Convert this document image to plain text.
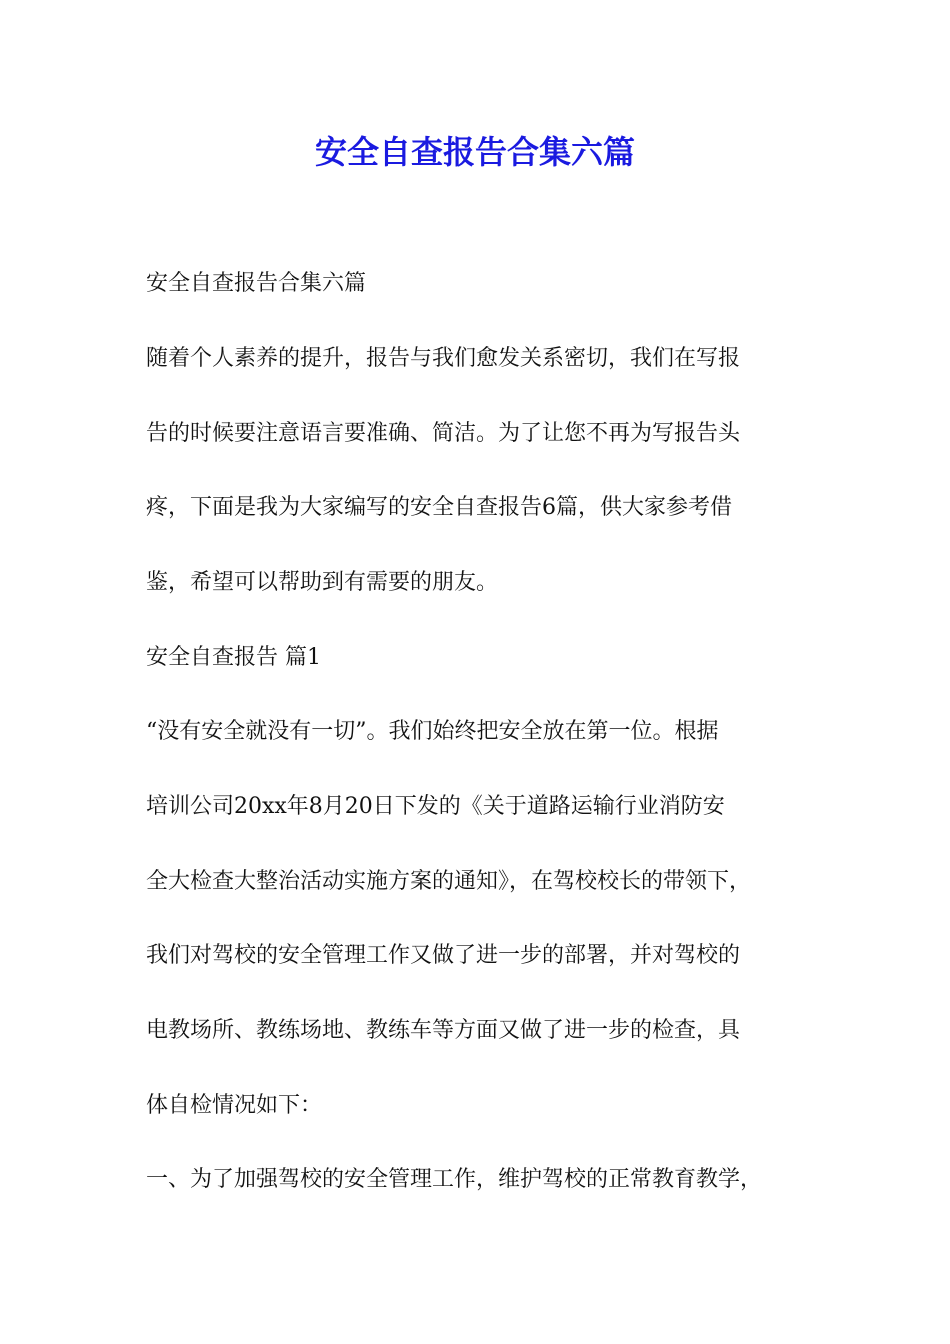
安全自查报告合集六篇

安全自查报告合集六篇

随着个人素养的提升，报告与我们愈发关系密切，我们在写报

告的时候要注意语言要准确、简洁。为了让您不再为写报告头

疼，下面是我为大家编写的安全自查报告6篇，供大家参考借

鉴，希望可以帮助到有需要的朋友。

安全自查报告 篇1

“没有安全就没有一切”。我们始终把安全放在第一位。根据

培训公司20xx年8月20日下发的《关于道路运输行业消防安

全大检查大整治活动实施方案的通知》，在驾校校长的带领下，

我们对驾校的安全管理工作又做了进一步的部署，并对驾校的

电教场所、教练场地、教练车等方面又做了进一步的检查，具

体自检情况如下：

一、为了加强驾校的安全管理工作，维护驾校的正常教育教学，
